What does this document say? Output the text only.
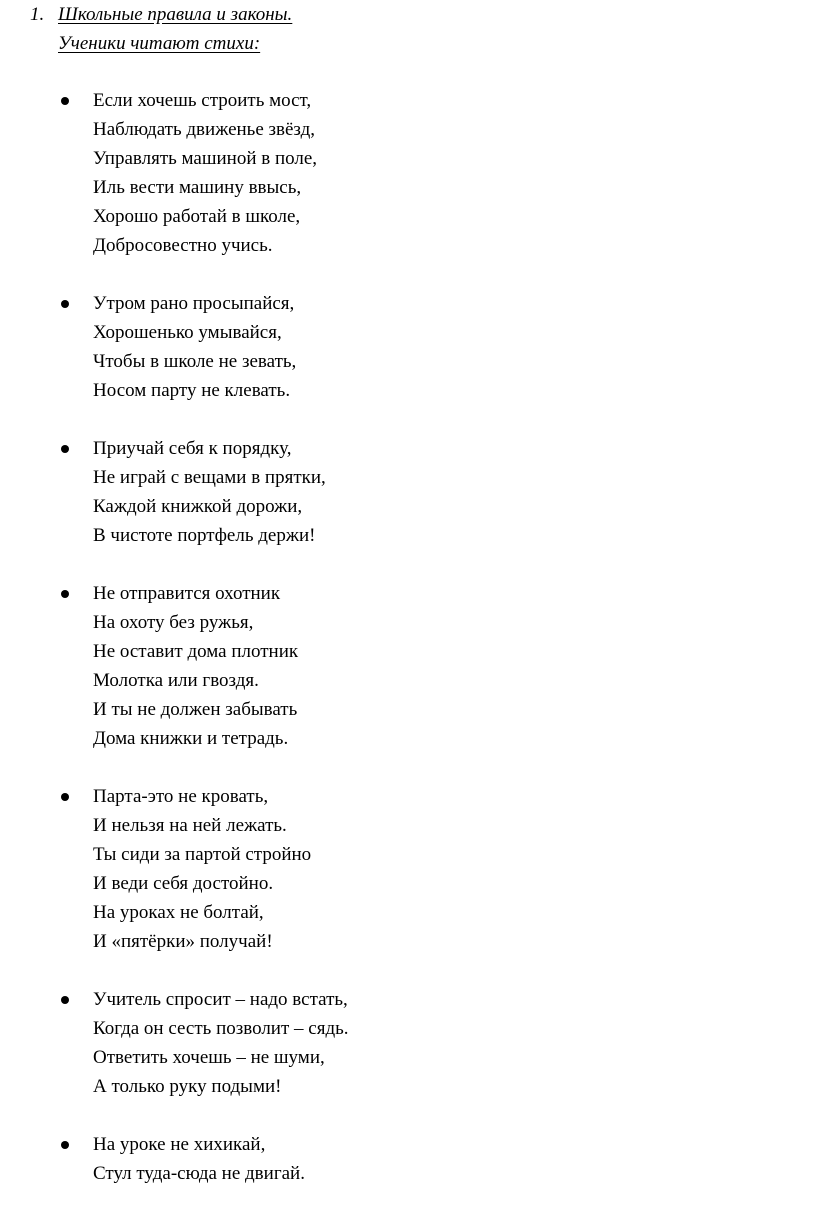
1. Школьные правила и законы.
Ученики читают стихи:
Если хочешь строить мост,
Наблюдать движенье звёзд,
Управлять машиной в поле,
Иль вести машину ввысь,
Хорошо работай в школе,
Добросовестно учись.
Утром рано просыпайся,
Хорошенько умывайся,
Чтобы в школе не зевать,
Носом парту не клевать.
Приучай себя к порядку,
Не играй с вещами в прятки,
Каждой книжкой дорожи,
В чистоте портфель держи!
Не отправится охотник
На охоту без ружья,
Не оставит дома плотник
Молотка или гвоздя.
И ты не должен забывать
Дома книжки и тетрадь.
Парта-это не кровать,
И нельзя на ней лежать.
Ты сиди за партой стройно
И веди себя достойно.
На уроках не болтай,
И «пятёрки» получай!
Учитель спросит – надо встать,
Когда он сесть позволит – сядь.
Ответить хочешь – не шуми,
А только руку подыми!
На уроке не хихикай,
Стул туда-сюда не двигай.
